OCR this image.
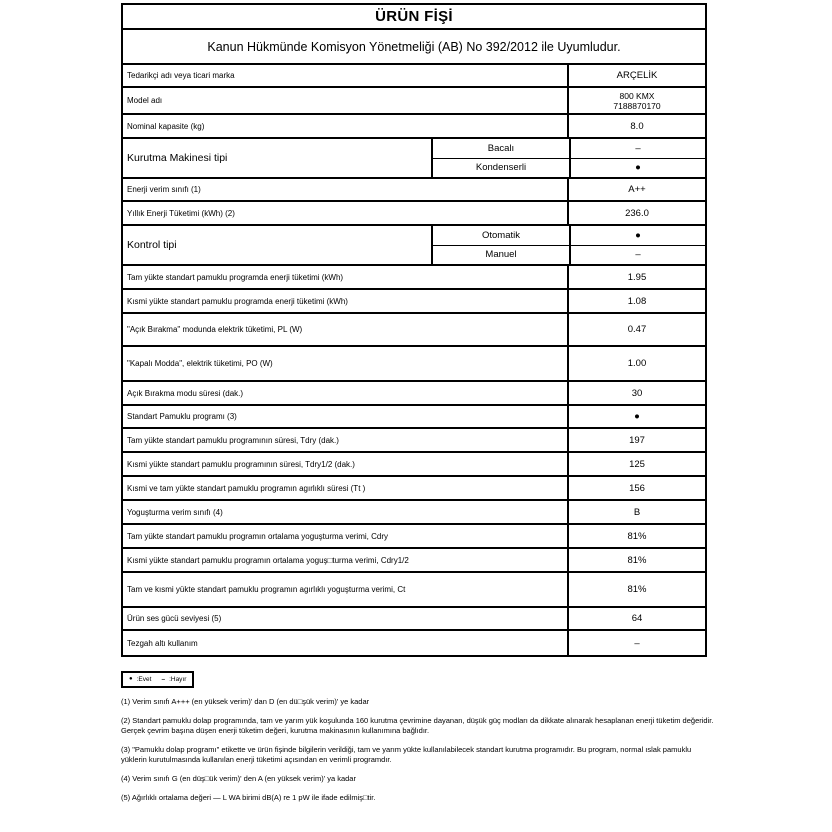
ÜRÜN FİŞİ
Kanun Hükmünde Komisyon Yönetmeliği (AB) No 392/2012 ile Uyumludur.
Tedarikçi adı veya ticari marka	ARÇELİK
Model adı	800 KMX
7188870170
Nominal kapasite (kg)	8.0
Kurutma Makinesi tipi
Bacalı	–
Kondenserli	●
Enerji verim sınıfı (1)	A++
Yıllık Enerji Tüketimi (kWh) (2)	236.0
Kontrol tipi
Otomatik	●
Manuel	–
Tam yükte standart pamuklu programda enerji tüketimi (kWh)	1.95
Kısmi yükte standart pamuklu programda enerji tüketimi (kWh)	1.08
"Açık Bırakma" modunda elektrik tüketimi, PL (W)	0.47
"Kapalı Modda", elektrik tüketimi, PO (W)	1.00
Açık Bırakma modu süresi (dak.)	30
Standart Pamuklu programı (3)	●
Tam yükte standart pamuklu programının süresi, Tdry (dak.)	197
Kısmi yükte standart pamuklu programının süresi, Tdry1/2 (dak.)	125
Kısmi ve tam yükte standart pamuklu programın agırlıklı süresi (Tt )	156
Yoguşturma verim sınıfı (4)	B
Tam yükte standart pamuklu programın ortalama yoguşturma verimi, Cdry	81%
Kısmi yükte standart pamuklu programın ortalama yoguş□turma verimi, Cdry1/2	81%
Tam ve kısmi yükte standart pamuklu programın agırlıklı yoguşturma verimi, Ct	81%
Ürün ses gücü seviyesi (5)	64
Tezgah altı kullanım	–
● :Evet – :Hayır

(1) Verim sınıfı A+++ (en yüksek verim)' dan D (en dü□şük verim)' ye kadar

(2) Standart pamuklu dolap programında, tam ve yarım yük koşulunda 160 kurutma çevrimine dayanan, düşük güç modları da dikkate alınarak hesaplanan enerji tüketim değeridir. Gerçek çevrim başına düşen enerji tüketim değeri, kurutma makinasının kullanımına bağlıdır.

(3) "Pamuklu dolap programı" etikette ve ürün fişinde bilgilerin verildiği, tam ve yarım yükte kullanılabilecek standart kurutma programıdır. Bu program, normal ıslak pamuklu yüklerin kurutulmasında kullanılan enerji tüketimi açısından en verimli programdır.

(4) Verim sınıfı G (en düş□ük verim)' den A (en yüksek verim)' ya kadar

(5) Ağırlıklı ortalama değeri — L WA birimi dB(A) re 1 pW ile ifade edilmiş□tir.
